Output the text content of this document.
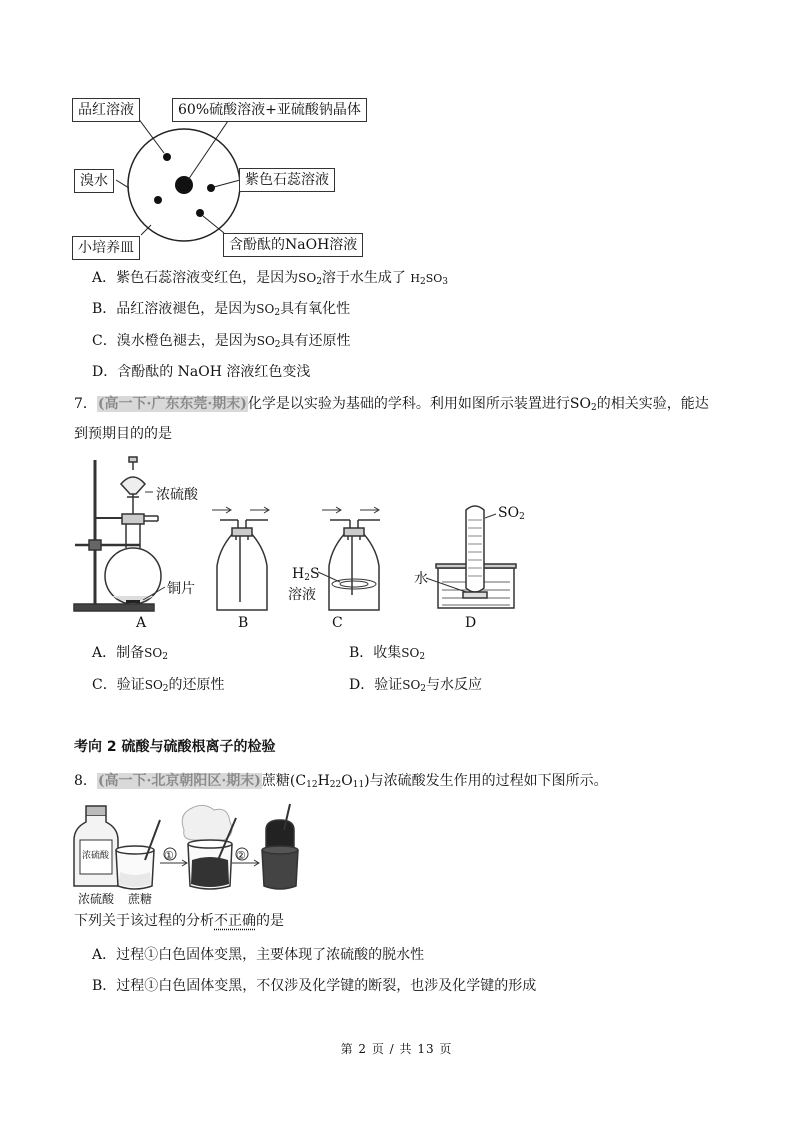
品红溶液	60%硫酸溶液+亚硫酸钠晶体
溴水	紫色石蕊溶液
小培养皿	含酚酞的NaOH溶液
A．紫色石蕊溶液变红色，是因为SO2溶于水生成了 H2SO3
B．品红溶液褪色，是因为SO2具有氧化性
C．溴水橙色褪去，是因为SO2具有还原性
D．含酚酞的 NaOH 溶液红色变浅
7．(高一下·广东东莞·期末)化学是以实验为基础的学科。利用如图所示装置进行SO2的相关实验，能达
到预期目的的是
浓硫酸
铜片
H2S
溶液
SO2
水
A	B	C	D
A．制备SO2	B．收集SO2
C．验证SO2的还原性	D．验证SO2与水反应
考向 2 硫酸与硫酸根离子的检验
8．(高一下·北京朝阳区·期末)蔗糖(C12H22O11)与浓硫酸发生作用的过程如下图所示。
浓硫酸	①	②
浓硫酸 蔗糖
下列关于该过程的分析不正确的是
A．过程①白色固体变黑，主要体现了浓硫酸的脱水性
B．过程①白色固体变黑，不仅涉及化学键的断裂，也涉及化学键的形成
第 2 页 / 共 13 页
